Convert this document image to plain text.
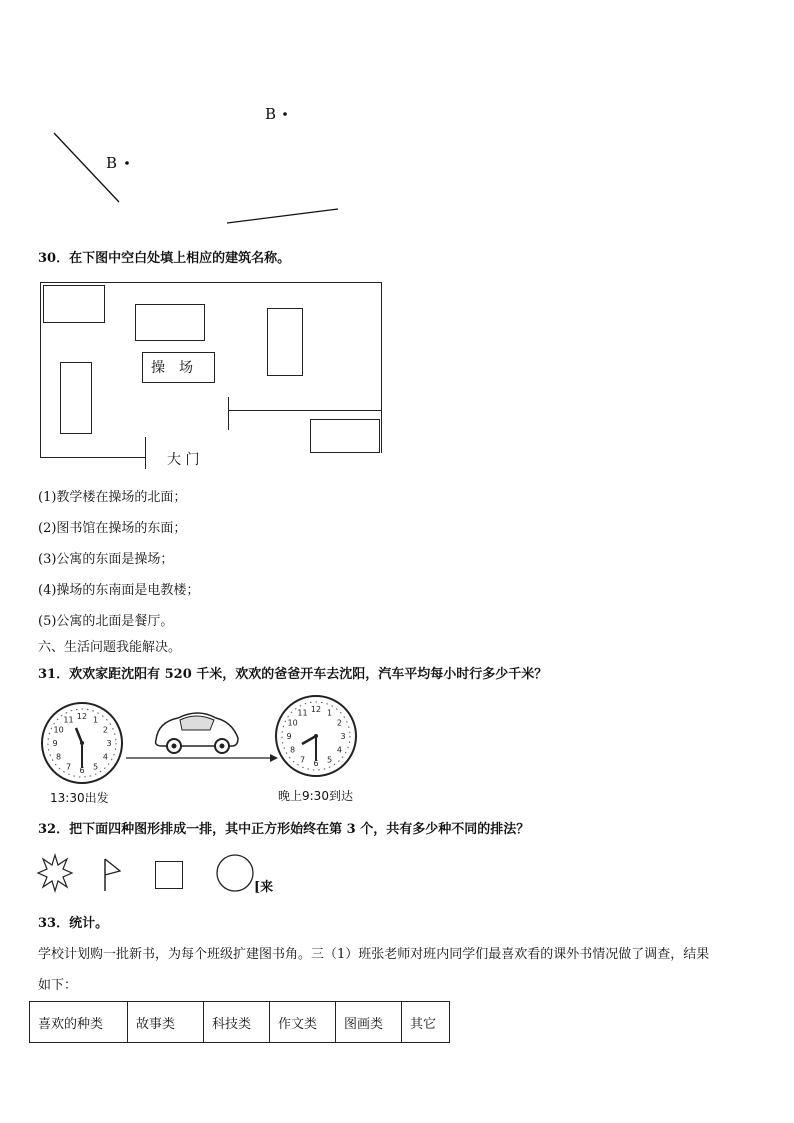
B
B
30．在下图中空白处填上相应的建筑名称。
操　场
大 门
(1)教学楼在操场的北面；
(2)图书馆在操场的东面；
(3)公寓的东面是操场；
(4)操场的东南面是电教楼；
(5)公寓的北面是餐厅。
六、生活问题我能解决。
31．欢欢家距沈阳有 520 千米，欢欢的爸爸开车去沈阳，汽车平均每小时行多少千米？
12 1
2
3
4
5
6
7
8
9
10
11
12 1
2
3
4
5
6
7
8
9
10
11
13:30出发	晚上9:30到达
32．把下面四种图形排成一排，其中正方形始终在第 3 个，共有多少种不同的排法？
[来
33．统计。
学校计划购一批新书，为每个班级扩建图书角。三（1）班张老师对班内同学们最喜欢看的课外书情况做了调查，结果
如下：
喜欢的种类	故事类	科技类	作文类	图画类	其它
